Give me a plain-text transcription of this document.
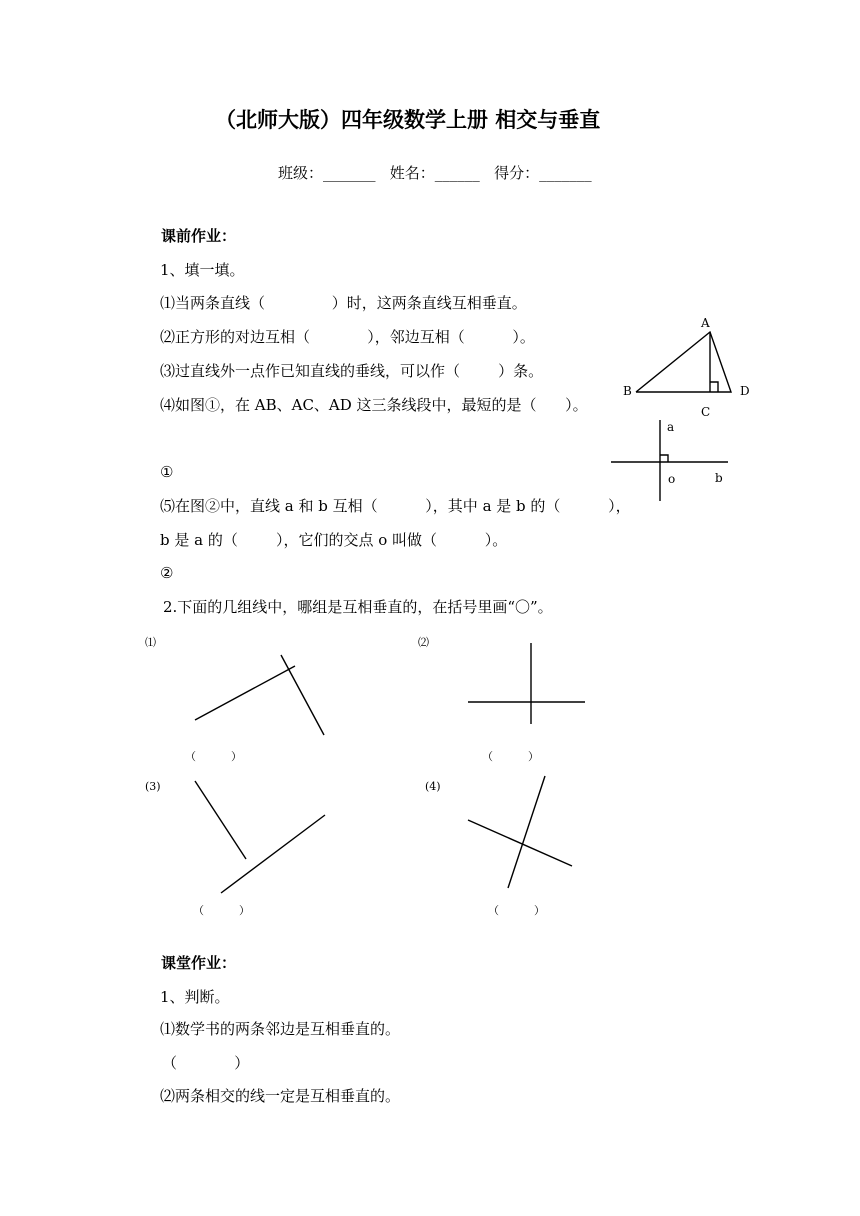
（北师大版）四年级数学上册 相交与垂直
班级：_______   姓名：______   得分：_______
课前作业：
1、填一填。
⑴当两条直线（              ）时，这两条直线互相垂直。
⑵正方形的对边互相（            ），邻边互相（          ）。
⑶过直线外一点作已知直线的垂线，可以作（        ）条。
⑷如图①，在 AB、AC、AD 这三条线段中，最短的是（      ）。
①
⑸在图②中，直线 a 和 b 互相（          ），其中 a 是 b 的（          ），
b 是 a 的（        ），它们的交点 o 叫做（          ）。
②
2.下面的几组线中，哪组是互相垂直的，在括号里画“〇”。
A
B
C
D
a
b
o
⑴	⑵
(3)	(4)
（          ）	（          ）
（          ）	（          ）
课堂作业：
1、判断。
⑴数学书的两条邻边是互相垂直的。
（            ）
⑵两条相交的线一定是互相垂直的。
